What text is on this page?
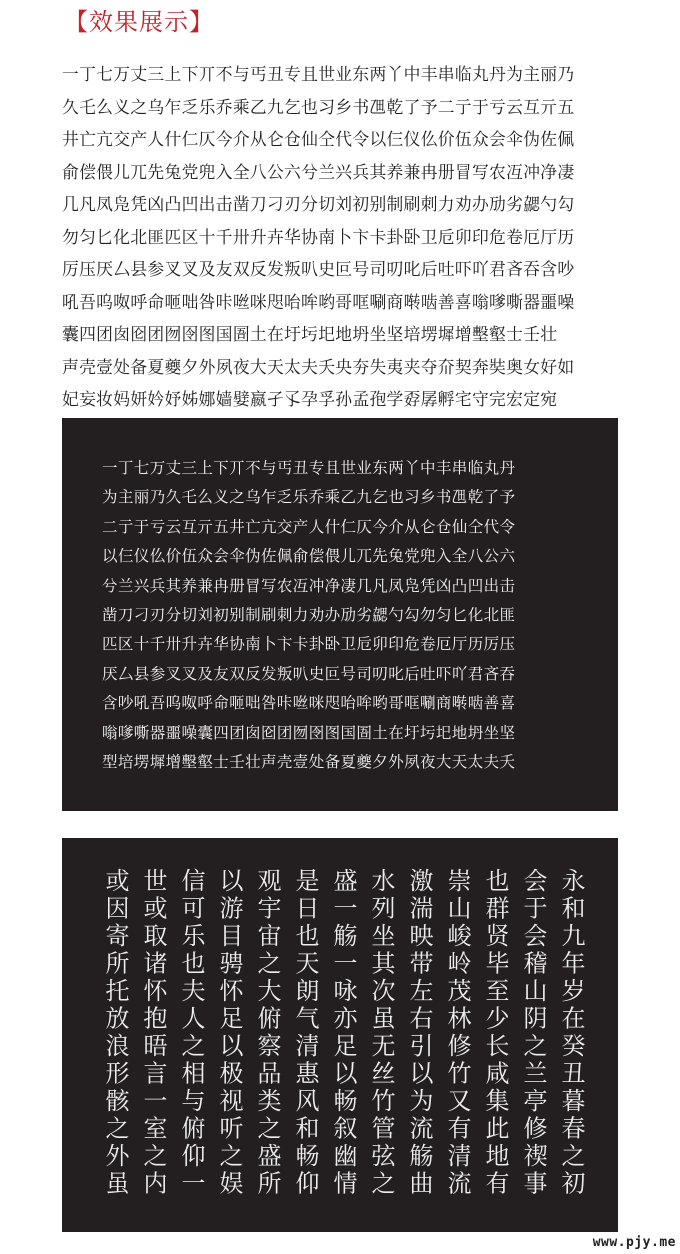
【效果展示】
一丁七万丈三上下丌不与丐丑专且世业东两丫中丰串临丸丹为主丽乃
久乇么义之乌乍乏乐乔乘乙九乞也习乡书乪乾了予二亍于亏云互亓五
井亡亢交产人什仁仄今介从仑仓仙仝代令以仨仪仫价伍众会伞伪佐佩
俞偿偎儿兀先兔党兜入全八公六兮兰兴兵其养兼冉册冒写农冱冲净凄
几凡凤凫凭凶凸凹出击凿刀刁刃分切刘初别制刷刺力劝办劢劣勰勺勾
勿匀匕化北匪匹区十千卅升卉华协南卜卞卡卦卧卫卮卯印危卷厄厅历
厉压厌厶县参叉叉及友双反发叛叭史叵号司叨叱后吐吓吖君吝吞含吵
吼吾呜呶呼命咂咄咎咔咝咪咫咍哞哟哥哐唰商啭啮善喜嗡嗲嘶器噩噪
囊四团囱囵团囫囹图国圄土在圩圬圯地坍坐坚培塄墀增墼壑士壬壮
声壳壹处备夏夔夕外夙夜大天太夫夭央夯失夷夹夺夼契奔奘奥女好如
妃妄妆妈妍妗妤姊娜嫱嬖嬴孑孓孕孚孙孟孢学孬孱孵宅守完宏定宛
一丁七万丈三上下丌不与丐丑专且世业东两丫中丰串临丸丹
为主丽乃久乇么义之乌乍乏乐乔乘乙九乞也习乡书乪乾了予
二亍于亏云互亓五井亡亢交产人什仁仄今介从仑仓仙仝代令
以仨仪仫价伍众会伞伪佐佩俞偿偎儿兀先兔党兜入全八公六
兮兰兴兵其养兼冉册冒写农冱冲净凄几凡凤凫凭凶凸凹出击
凿刀刁刃分切刘初别制刷刺力劝办劢劣勰勺勾勿匀匕化北匪
匹区十千卅升卉华协南卜卞卡卦卧卫卮卯印危卷厄厅历厉压
厌厶县参叉叉及友双反发叛叭史叵号司叨叱后吐吓吖君吝吞
含吵吼吾呜呶呼命咂咄咎咔咝咪咫咍哞哟哥哐唰商啭啮善喜
嗡嗲嘶器噩噪囊四团囱囵团囫囹图国圄土在圩圬圯地坍坐坚
型培塄墀增墼壑士壬壮声壳壹处备夏夔夕外夙夜大天太夫夭
永和九年岁在癸丑暮春之初
会于会稽山阴之兰亭修禊事
也群贤毕至少长咸集此地有
崇山峻岭茂林修竹又有清流
激湍映带左右引以为流觞曲
水列坐其次虽无丝竹管弦之
盛一觞一咏亦足以畅叙幽情
是日也天朗气清惠风和畅仰
观宇宙之大俯察品类之盛所
以游目骋怀足以极视听之娱
信可乐也夫人之相与俯仰一
世或取诸怀抱晤言一室之内
或因寄所托放浪形骸之外虽
www.pjy.me
